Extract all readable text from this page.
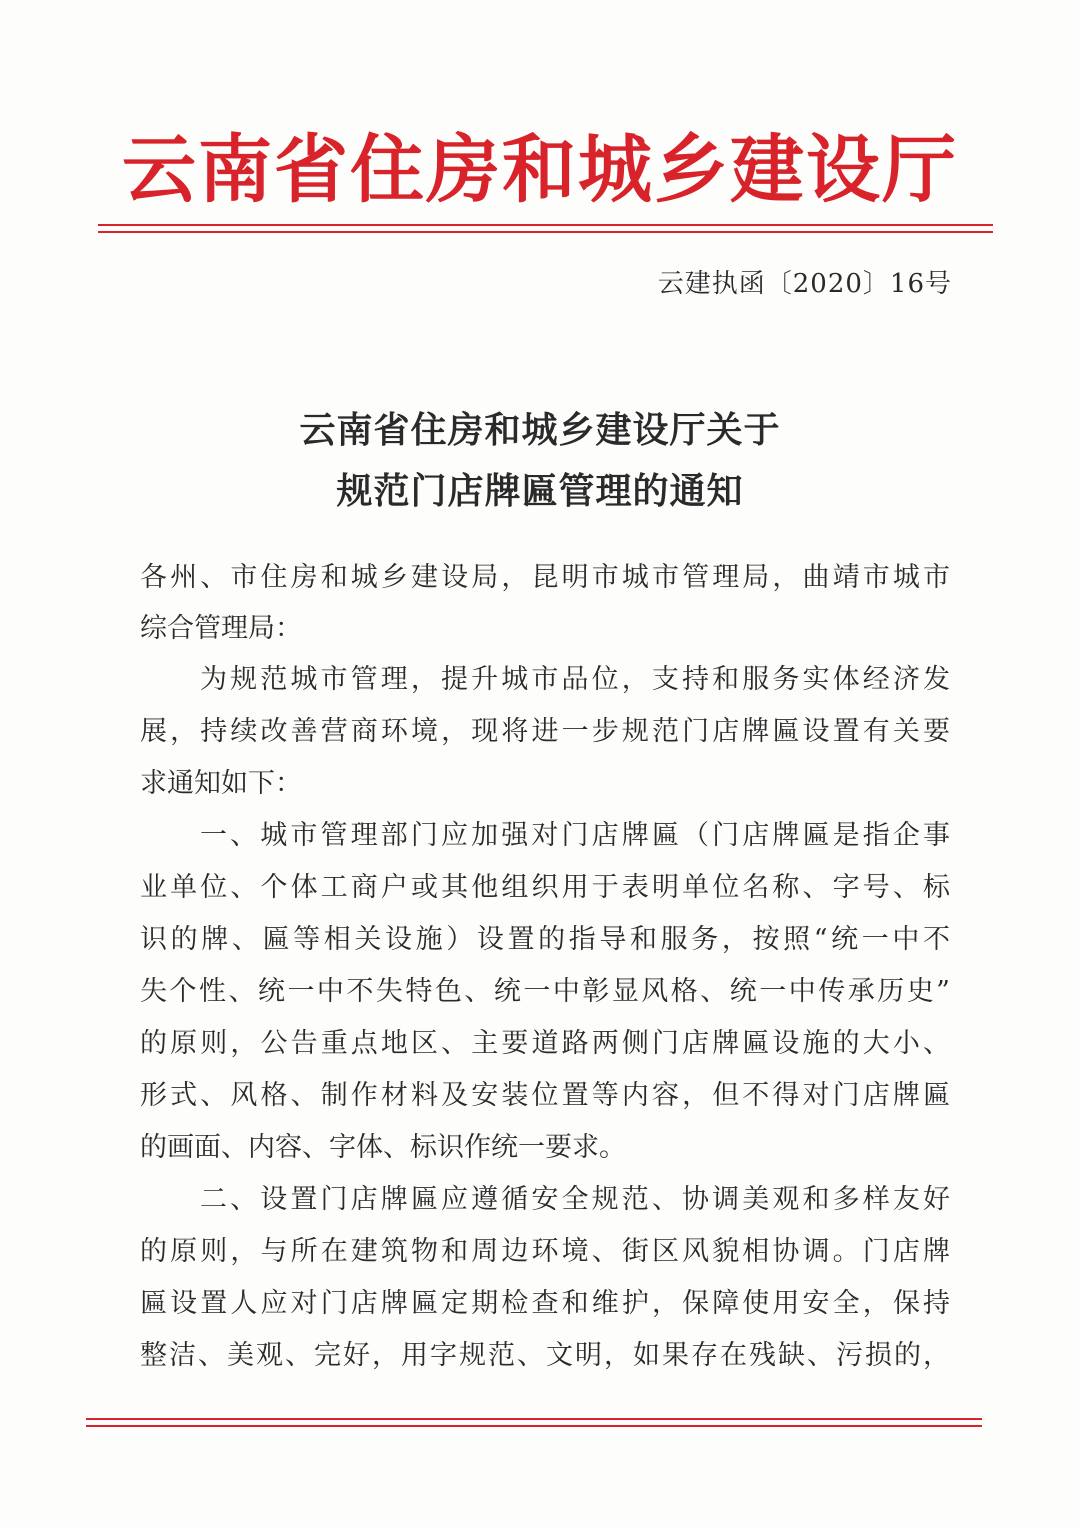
云南省住房和城乡建设厅
云建执函〔2020〕16号
云南省住房和城乡建设厅关于
规范门店牌匾管理的通知
各州、市住房和城乡建设局，昆明市城市管理局，曲靖市城市
综合管理局：
为规范城市管理，提升城市品位，支持和服务实体经济发
展，持续改善营商环境，现将进一步规范门店牌匾设置有关要
求通知如下：
一、城市管理部门应加强对门店牌匾（门店牌匾是指企事
业单位、个体工商户或其他组织用于表明单位名称、字号、标
识的牌、匾等相关设施）设置的指导和服务，按照“统一中不
失个性、统一中不失特色、统一中彰显风格、统一中传承历史”
的原则，公告重点地区、主要道路两侧门店牌匾设施的大小、
形式、风格、制作材料及安装位置等内容，但不得对门店牌匾
的画面、内容、字体、标识作统一要求。
二、设置门店牌匾应遵循安全规范、协调美观和多样友好
的原则，与所在建筑物和周边环境、街区风貌相协调。门店牌
匾设置人应对门店牌匾定期检查和维护，保障使用安全，保持
整洁、美观、完好，用字规范、文明，如果存在残缺、污损的，
